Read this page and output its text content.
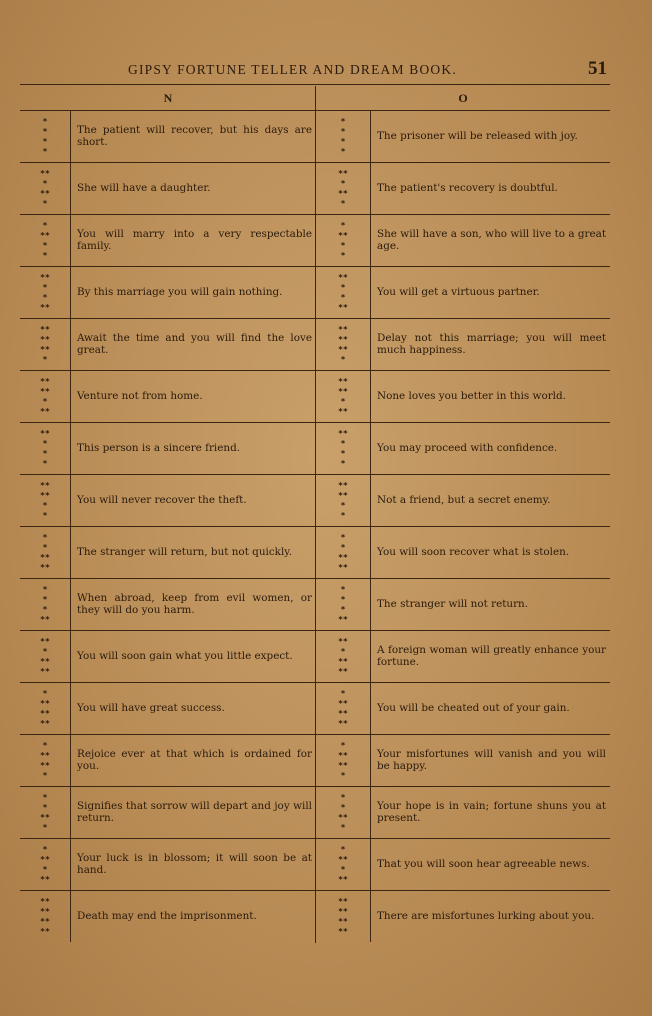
GIPSY FORTUNE TELLER AND DREAM BOOK.	51
N
*
*
*
*
The patient will recover, but his days are short.
**
*
**
*
She will have a daughter.
*
**
*
*
You will marry into a very respectable family.
**
*
*
**
By this marriage you will gain nothing.
**
**
**
*
Await the time and you will find the love great.
**
**
*
**
Venture not from home.
**
*
*
*
This person is a sincere friend.
**
**
*
*
You will never recover the theft.
*
*
**
**
The stranger will return, but not quickly.
*
*
*
**
When abroad, keep from evil women, or they will do you harm.
**
*
**
**
You will soon gain what you little expect.
*
**
**
**
You will have great success.
*
**
**
*
Rejoice ever at that which is ordained for you.
*
*
**
*
Signifies that sorrow will depart and joy will return.
*
**
*
**
Your luck is in blossom; it will soon be at hand.
**
**
**
**
Death may end the imprisonment.
O
*
*
*
*
The prisoner will be released with joy.
**
*
**
*
The patient's recovery is doubtful.
*
**
*
*
She will have a son, who will live to a great age.
**
*
*
**
You will get a virtuous partner.
**
**
**
*
Delay not this marriage; you will meet much happiness.
**
**
*
**
None loves you better in this world.
**
*
*
*
You may proceed with confidence.
**
**
*
*
Not a friend, but a secret enemy.
*
*
**
**
You will soon recover what is stolen.
*
*
*
**
The stranger will not return.
**
*
**
**
A foreign woman will greatly enhance your fortune.
*
**
**
**
You will be cheated out of your gain.
*
**
**
*
Your misfortunes will vanish and you will be happy.
*
*
**
*
Your hope is in vain; fortune shuns you at present.
*
**
*
**
That you will soon hear agreeable news.
**
**
**
**
There are misfortunes lurking about you.
